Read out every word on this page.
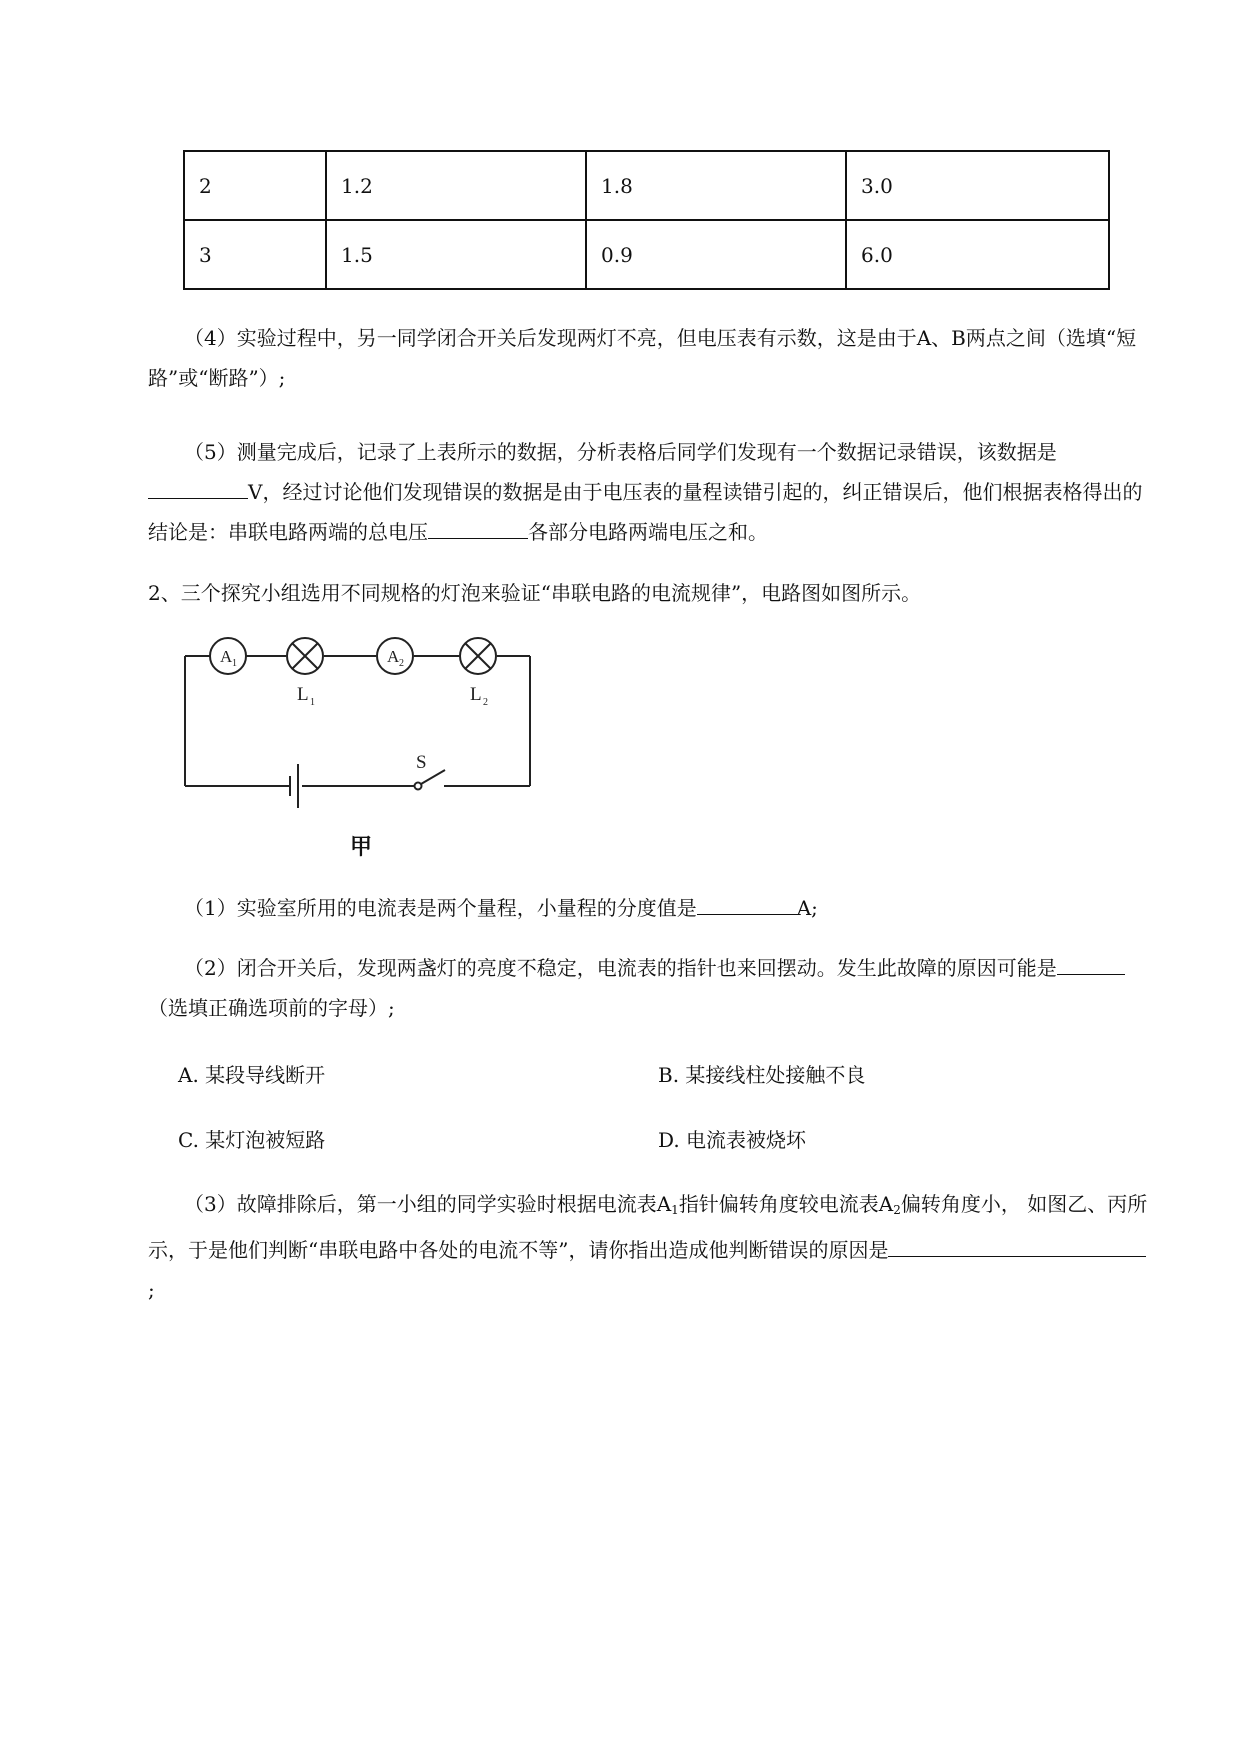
2	1.2	1.8	3.0
3	1.5	0.9	6.0

（4）实验过程中，另一同学闭合开关后发现两灯不亮，但电压表有示数，这是由于A、B两点之间（选填“短路”或“断路”）;

（5）测量完成后，记录了上表所示的数据，分析表格后同学们发现有一个数据记录错误，该数据是V，经过讨论他们发现错误的数据是由于电压表的量程读错引起的，纠正错误后，他们根据表格得出的结论是：串联电路两端的总电压	各部分电路两端电压之和。

2、三个探究小组选用不同规格的灯泡来验证“串联电路的电流规律”，电路图如图所示。

A 1	A 2
L 1	L 2
S
甲

（1）实验室所用的电流表是两个量程，小量程的分度值是	A;

（2）闭合开关后，发现两盏灯的亮度不稳定，电流表的指针也来回摆动。发生此故障的原因可能是（选填正确选项前的字母）;

A. 某段导线断开	B. 某接线柱处接触不良
C. 某灯泡被短路	D. 电流表被烧坏

（3）故障排除后，第一小组的同学实验时根据电流表$A_1$指针偏转角度较电流表$A_2$偏转角度小， 如图乙、丙所示，于是他们判断“串联电路中各处的电流不等”，请你指出造成他判断错误的原因是;
